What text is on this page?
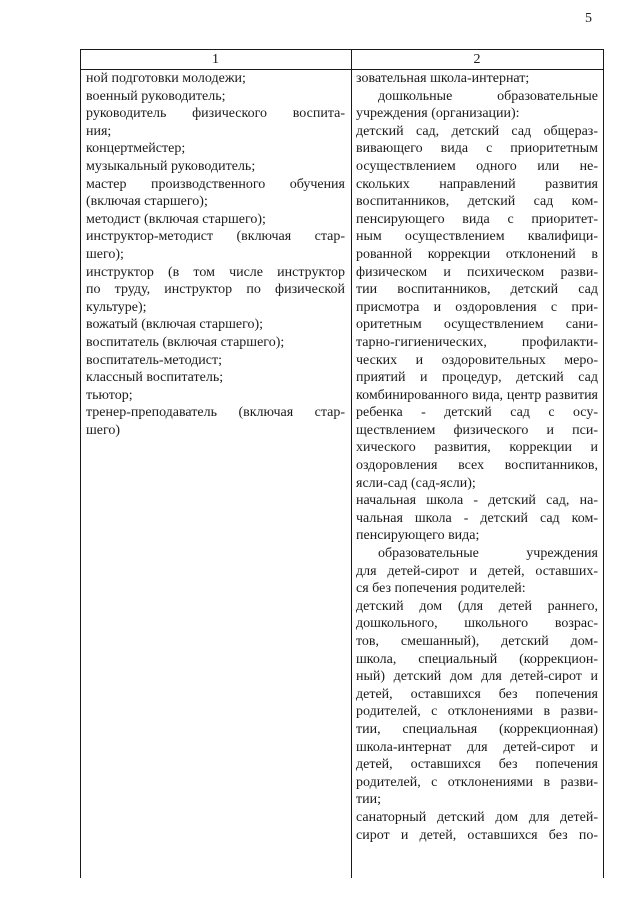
5
1	2
ной подготовки молодежи;
военный руководитель;
руководитель физического воспита-
ния;
концертмейстер;
музыкальный руководитель;
мастер производственного обучения
(включая старшего);
методист (включая старшего);
инструктор-методист (включая стар-
шего);
инструктор (в том числе инструктор
по труду, инструктор по физической
культуре);
вожатый (включая старшего);
воспитатель (включая старшего);
воспитатель-методист;
классный воспитатель;
тьютор;
тренер-преподаватель (включая стар-
шего)
зовательная школа-интернат;
дошкольные образовательные
учреждения (организации):
детский сад, детский сад общераз-
вивающего вида с приоритетным
осуществлением одного или не-
скольких направлений развития
воспитанников, детский сад ком-
пенсирующего вида с приоритет-
ным осуществлением квалифици-
рованной коррекции отклонений в
физическом и психическом разви-
тии воспитанников, детский сад
присмотра и оздоровления с при-
оритетным осуществлением сани-
тарно-гигиенических, профилакти-
ческих и оздоровительных меро-
приятий и процедур, детский сад
комбинированного вида, центр развития
ребенка - детский сад с осу-
ществлением физического и пси-
хического развития, коррекции и
оздоровления всех воспитанников,
ясли-сад (сад-ясли);
начальная школа - детский сад, на-
чальная школа - детский сад ком-
пенсирующего вида;
образовательные учреждения
для детей-сирот и детей, оставших-
ся без попечения родителей:
детский дом (для детей раннего,
дошкольного, школьного возрас-
тов, смешанный), детский дом-
школа, специальный (коррекцион-
ный) детский дом для детей-сирот и
детей, оставшихся без попечения
родителей, с отклонениями в разви-
тии, специальная (коррекционная)
школа-интернат для детей-сирот и
детей, оставшихся без попечения
родителей, с отклонениями в разви-
тии;
санаторный детский дом для детей-
сирот и детей, оставшихся без по-
